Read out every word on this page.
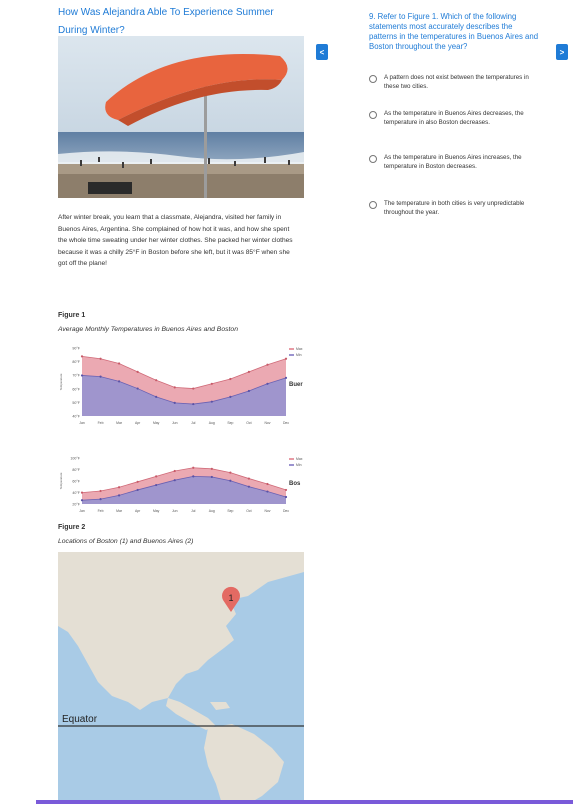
How Was Alejandra Able To Experience Summer During Winter?
After winter break, you learn that a classmate, Alejandra, visited her family in Buenos Aires, Argentina. She complained of how hot it was, and how she spent the whole time sweating under her winter clothes. She packed her winter clothes because it was a chilly 25°F in Boston before she left, but it was 85°F when she got off the plane!
Figure 1
Average Monthly Temperatures in Buenos Aires and Boston
Temperature
90°F
80°F
70°F
60°F
50°F
40°F
Jan	Feb	Mar	Apr	May	Jun	Jul	Aug	Sep	Oct	Nov	Dec
Max
Min
Buer
Temperature
100°F
80°F
60°F
40°F
20°F
Jan	Feb	Mar	Apr	May	Jun	Jul	Aug	Sep	Oct	Nov	Dec
Max
Min
Bos
Figure 2
Locations of Boston (1) and Buenos Aires (2)
Equator
1
<	>
9. Refer to Figure 1. Which of the following statements most accurately describes the patterns in the temperatures in Buenos Aires and Boston throughout the year?
A pattern does not exist between the temperatures in these two cities.
As the temperature in Buenos Aires decreases, the temperature in also Boston decreases.
As the temperature in Buenos Aires increases, the temperature in Boston decreases.
The temperature in both cities is very unpredictable throughout the year.
